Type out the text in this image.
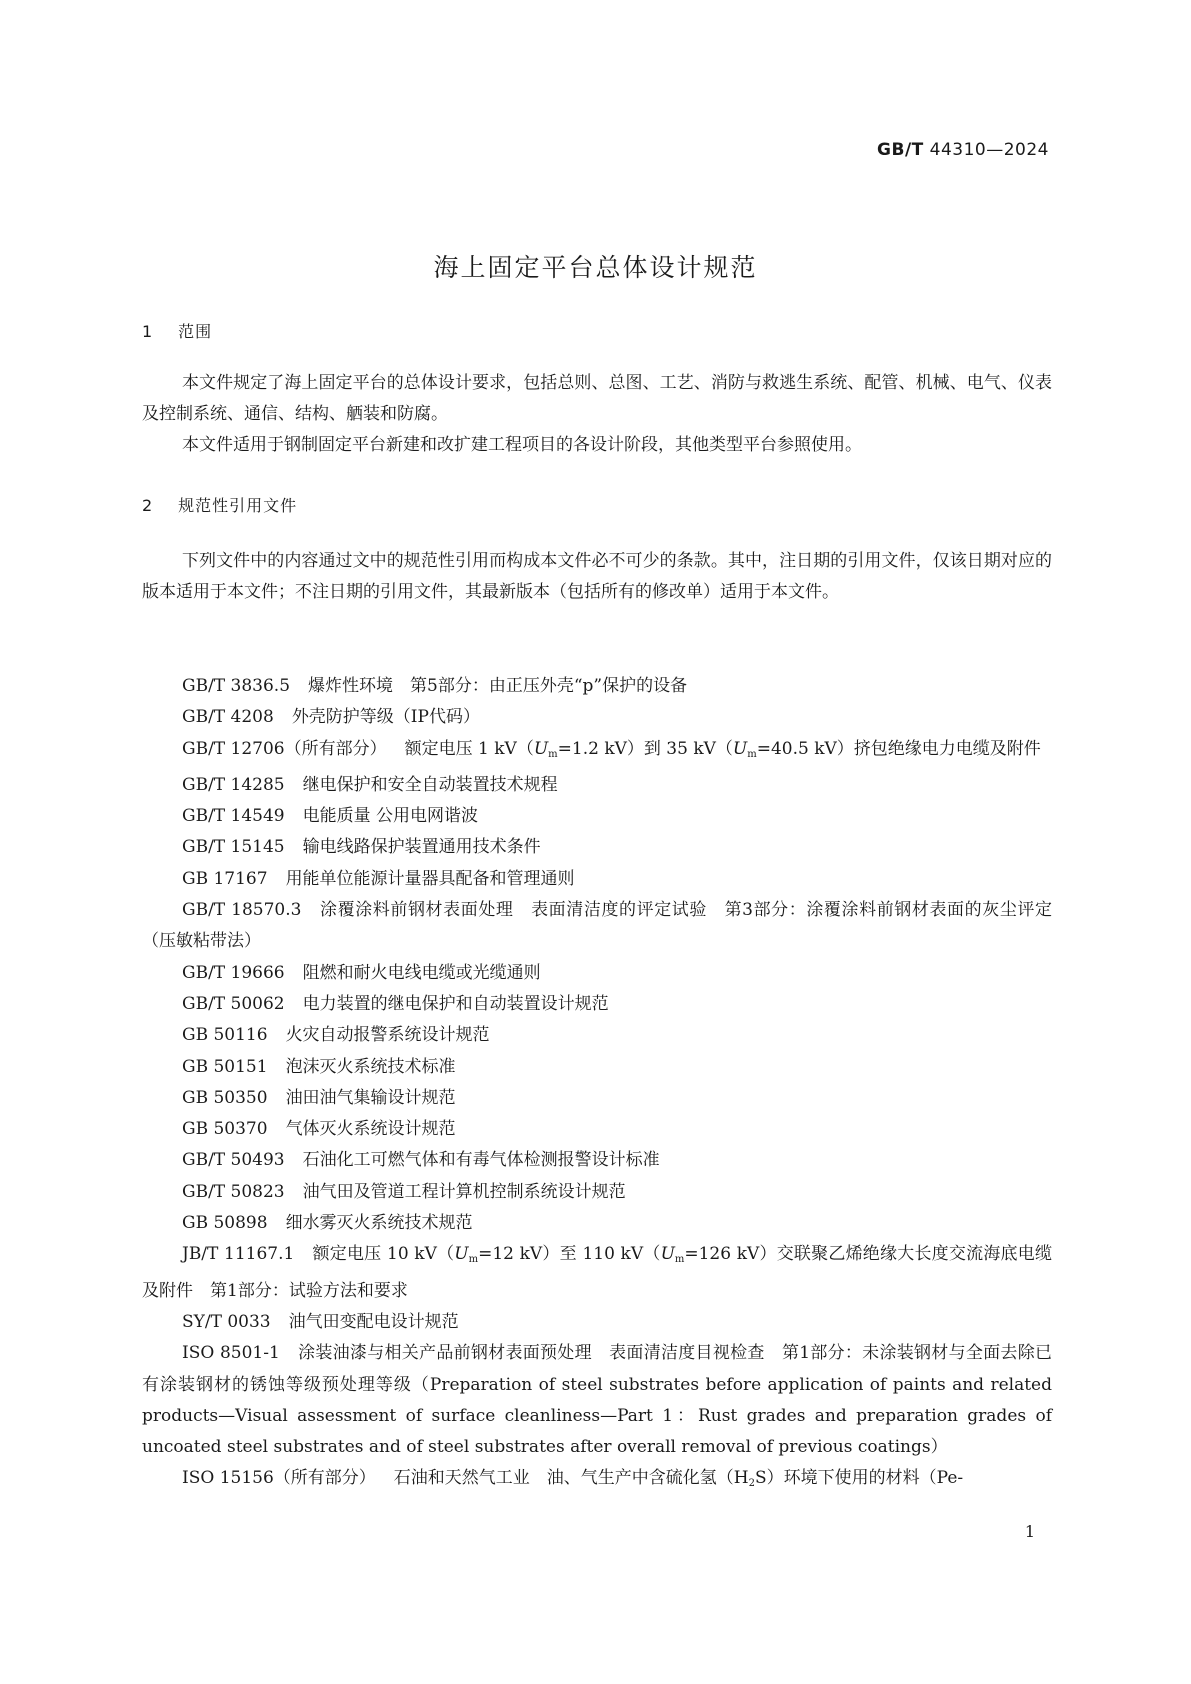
GB/T 44310—2024
海上固定平台总体设计规范
1 范围

本文件规定了海上固定平台的总体设计要求，包括总则、总图、工艺、消防与救逃生系统、配管、机械、电气、仪表及控制系统、通信、结构、舾装和防腐。

本文件适用于钢制固定平台新建和改扩建工程项目的各设计阶段，其他类型平台参照使用。

2 规范性引用文件

下列文件中的内容通过文中的规范性引用而构成本文件必不可少的条款。其中，注日期的引用文件，仅该日期对应的版本适用于本文件；不注日期的引用文件，其最新版本（包括所有的修改单）适用于本文件。

GB/T 3836.5 爆炸性环境　第5部分：由正压外壳“p”保护的设备
GB/T 4208 外壳防护等级（IP代码）
GB/T 12706（所有部分） 额定电压 1 $kV(U_m=1.2$ kV）到 35 $kV(U_m=40.5$ kV）挤包绝缘电力电缆及附件
GB/T 14285 继电保护和安全自动装置技术规程
GB/T 14549 电能质量 公用电网谐波
GB/T 15145 输电线路保护装置通用技术条件
GB 17167 用能单位能源计量器具配备和管理通则
GB/T 18570.3 涂覆涂料前钢材表面处理　表面清洁度的评定试验　第3部分：涂覆涂料前钢材表面的灰尘评定（压敏粘带法）
GB/T 19666 阻燃和耐火电线电缆或光缆通则
GB/T 50062 电力装置的继电保护和自动装置设计规范
GB 50116 火灾自动报警系统设计规范
GB 50151 泡沫灭火系统技术标准
GB 50350 油田油气集输设计规范
GB 50370 气体灭火系统设计规范
GB/T 50493 石油化工可燃气体和有毒气体检测报警设计标准
GB/T 50823 油气田及管道工程计算机控制系统设计规范
GB 50898 细水雾灭火系统技术规范
JB/T 11167.1 额定电压 10 $kV(U_m=12$ kV）至 110 $kV(U_m=126$ kV）交联聚乙烯绝缘大长度交流海底电缆及附件　第1部分：试验方法和要求
SY/T 0033 油气田变配电设计规范
ISO 8501-1 涂装油漆与相关产品前钢材表面预处理　表面清洁度目视检查　第1部分：未涂装钢材与全面去除已有涂装钢材的锈蚀等级预处理等级（Preparation of steel substrates before application of paints and related products—Visual assessment of surface cleanliness—Part 1：Rust grades and preparation grades of uncoated steel substrates and of steel substrates after overall removal of previous coatings）
ISO 15156（所有部分） 石油和天然气工业　油、气生产中含硫化氢$(H_2S)$环境下使用的材料（Pe-
1
